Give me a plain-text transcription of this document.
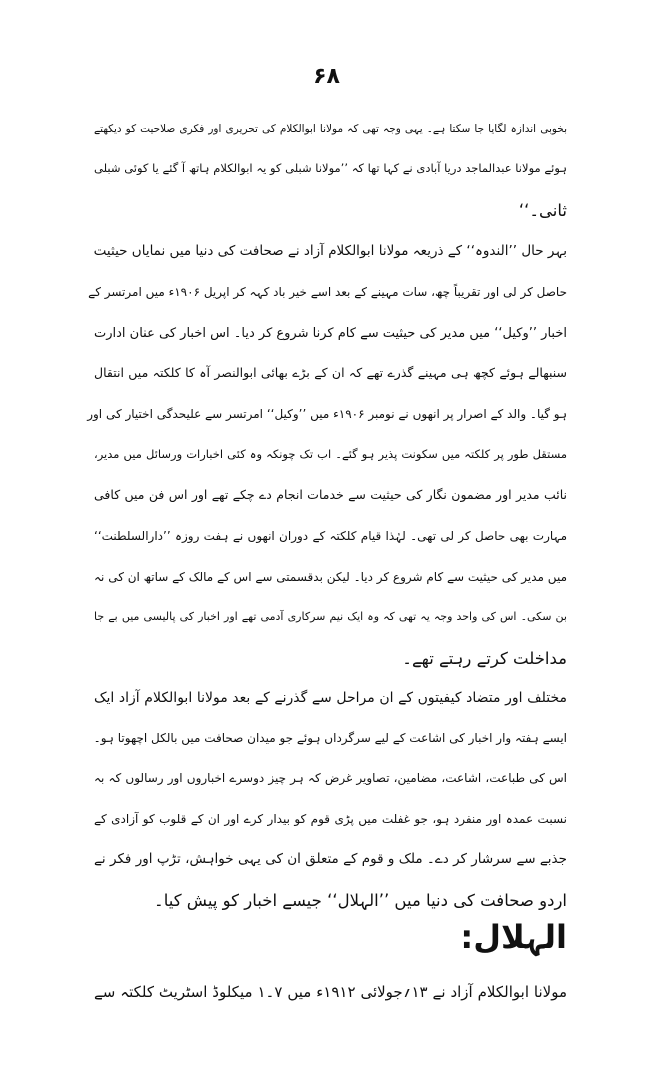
۶۸
بخوبی اندازہ لگایا جا سکتا ہے۔ یہی وجہ تھی کہ مولانا ابوالکلام کی تحریری اور فکری صلاحیت کو دیکھتے
ہوئے مولانا عبدالماجد دریا آبادی نے کہا تھا کہ ’’مولانا شبلی کو یہ ابوالکلام ہاتھ آ گئے یا کوئی شبلی
ثانی۔‘‘
بہر حال ’’الندوہ‘‘ کے ذریعہ مولانا ابوالکلام آزاد نے صحافت کی دنیا میں نمایاں حیثیت
حاصل کر لی اور تقریباً چھ، سات مہینے کے بعد اسے خیر باد کہہ کر اپریل ۱۹۰۶ء میں امرتسر کے
اخبار ’’وکیل‘‘ میں مدیر کی حیثیت سے کام کرنا شروع کر دیا۔ اس اخبار کی عنان ادارت
سنبھالے ہوئے کچھ ہی مہینے گذرے تھے کہ ان کے بڑے بھائی ابوالنصر آہ کا کلکتہ میں انتقال
ہو گیا۔ والد کے اصرار پر انھوں نے نومبر ۱۹۰۶ء میں ’’وکیل‘‘ امرتسر سے علیحدگی اختیار کی اور
مستقل طور پر کلکتہ میں سکونت پذیر ہو گئے۔ اب تک چونکہ وہ کئی اخبارات ورسائل میں مدیر،
نائب مدیر اور مضمون نگار کی حیثیت سے خدمات انجام دے چکے تھے اور اس فن میں کافی
مہارت بھی حاصل کر لی تھی۔ لہٰذا قیام کلکتہ کے دوران انھوں نے ہفت روزہ ’’دارالسلطنت‘‘
میں مدیر کی حیثیت سے کام شروع کر دیا۔ لیکن بدقسمتی سے اس کے مالک کے ساتھ ان کی نہ
بن سکی۔ اس کی واحد وجہ یہ تھی کہ وہ ایک نیم سرکاری آدمی تھے اور اخبار کی پالیسی میں بے جا
مداخلت کرتے رہتے تھے۔
مختلف اور متضاد کیفیتوں کے ان مراحل سے گذرنے کے بعد مولانا ابوالکلام آزاد ایک
ایسے ہفتہ وار اخبار کی اشاعت کے لیے سرگرداں ہوئے جو میدان صحافت میں بالکل اچھوتا ہو۔
اس کی طباعت، اشاعت، مضامین، تصاویر غرض کہ ہر چیز دوسرے اخباروں اور رسالوں کہ بہ
نسبت عمدہ اور منفرد ہو، جو غفلت میں پڑی قوم کو بیدار کرے اور ان کے قلوب کو آزادی کے
جذبے سے سرشار کر دے۔ ملک و قوم کے متعلق ان کی یہی خواہش، تڑپ اور فکر نے
اردو صحافت کی دنیا میں ’’الہلال‘‘ جیسے اخبار کو پیش کیا۔
الہلال:
مولانا ابوالکلام آزاد نے ۱۳؍جولائی ۱۹۱۲ء میں ۷۔۱ میکلوڈ اسٹریٹ کلکتہ سے
